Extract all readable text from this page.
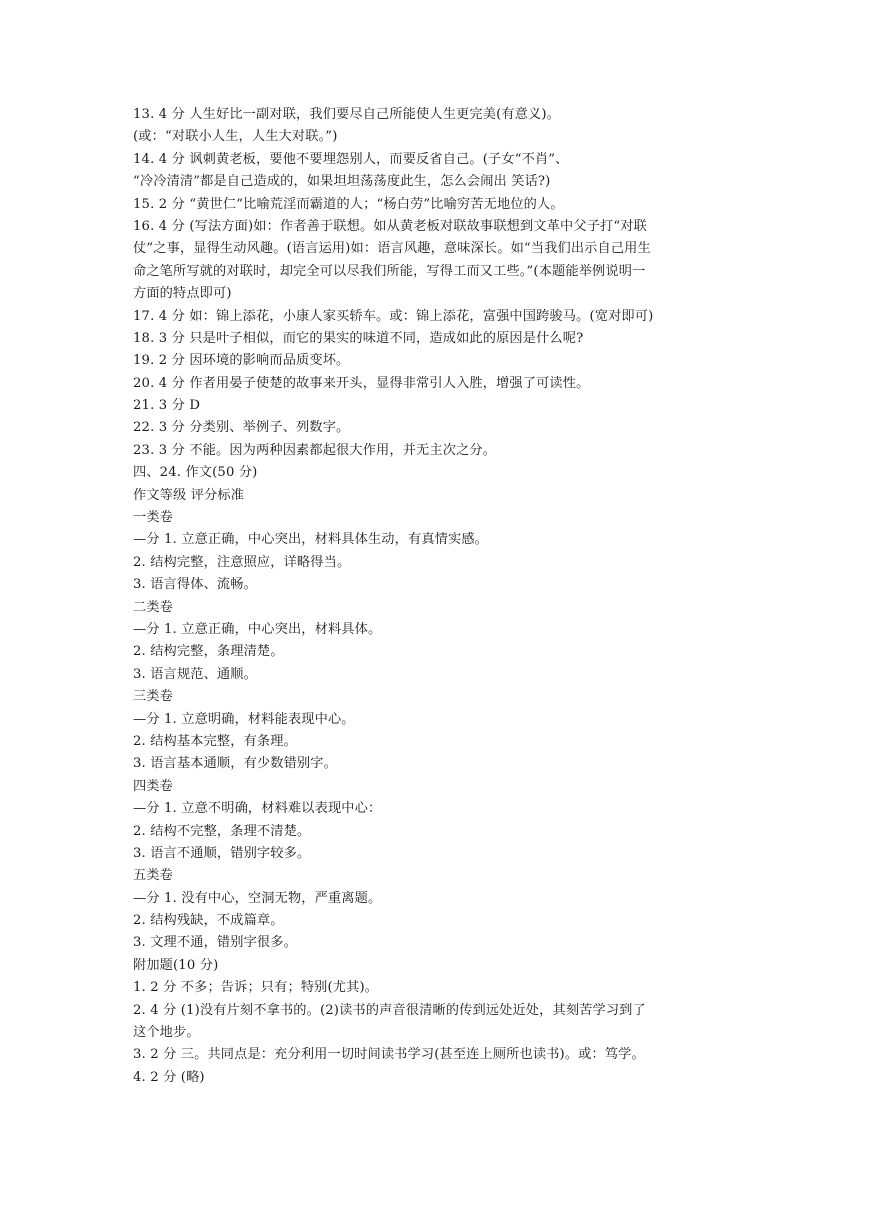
13. 4 分 人生好比一副对联，我们要尽自己所能使人生更完美(有意义)。
(或：“对联小人生，人生大对联。”)
14. 4 分 讽刺黄老板，要他不要埋怨别人，而要反省自己。(子女“不肖”、
“冷冷清清”都是自己造成的，如果坦坦荡荡度此生，怎么会闹出 笑话?)
15. 2 分 “黄世仁”比喻荒淫而霸道的人；“杨白劳”比喻穷苦无地位的人。
16. 4 分 (写法方面)如：作者善于联想。如从黄老板对联故事联想到文革中父子打“对联
仗”之事，显得生动风趣。(语言运用)如：语言风趣，意味深长。如“当我们出示自己用生
命之笔所写就的对联时，却完全可以尽我们所能，写得工而又工些。”(本题能举例说明一
方面的特点即可)
17. 4 分 如：锦上添花，小康人家买轿车。或：锦上添花，富强中国跨骏马。(宽对即可)
18. 3 分 只是叶子相似，而它的果实的味道不同，造成如此的原因是什么呢?
19. 2 分 因环境的影响而品质变坏。
20. 4 分 作者用晏子使楚的故事来开头，显得非常引人入胜，增强了可读性。
21. 3 分 D
22. 3 分 分类别、举例子、列数字。
23. 3 分 不能。因为两种因素都起很大作用，并无主次之分。
四、24. 作文(50 分)
作文等级 评分标准
一类卷
—分 1. 立意正确，中心突出，材料具体生动，有真情实感。
2. 结构完整，注意照应，详略得当。
3. 语言得体、流畅。
二类卷
—分 1. 立意正确，中心突出，材料具体。
2. 结构完整，条理清楚。
3. 语言规范、通顺。
三类卷
—分 1. 立意明确，材料能表现中心。
2. 结构基本完整，有条理。
3. 语言基本通顺，有少数错别字。
四类卷
—分 1. 立意不明确，材料难以表现中心：
2. 结构不完整，条理不清楚。
3. 语言不通顺，错别字较多。
五类卷
—分 1. 没有中心，空洞无物，严重离题。
2. 结构残缺，不成篇章。
3. 文理不通，错别字很多。
附加题(10 分)
1. 2 分 不多；告诉；只有；特别(尤其)。
2. 4 分 (1)没有片刻不拿书的。(2)读书的声音很清晰的传到远处近处，其刻苦学习到了
这个地步。
3. 2 分 三。共同点是：充分利用一切时间读书学习(甚至连上厕所也读书)。或：笃学。
4. 2 分 (略)
